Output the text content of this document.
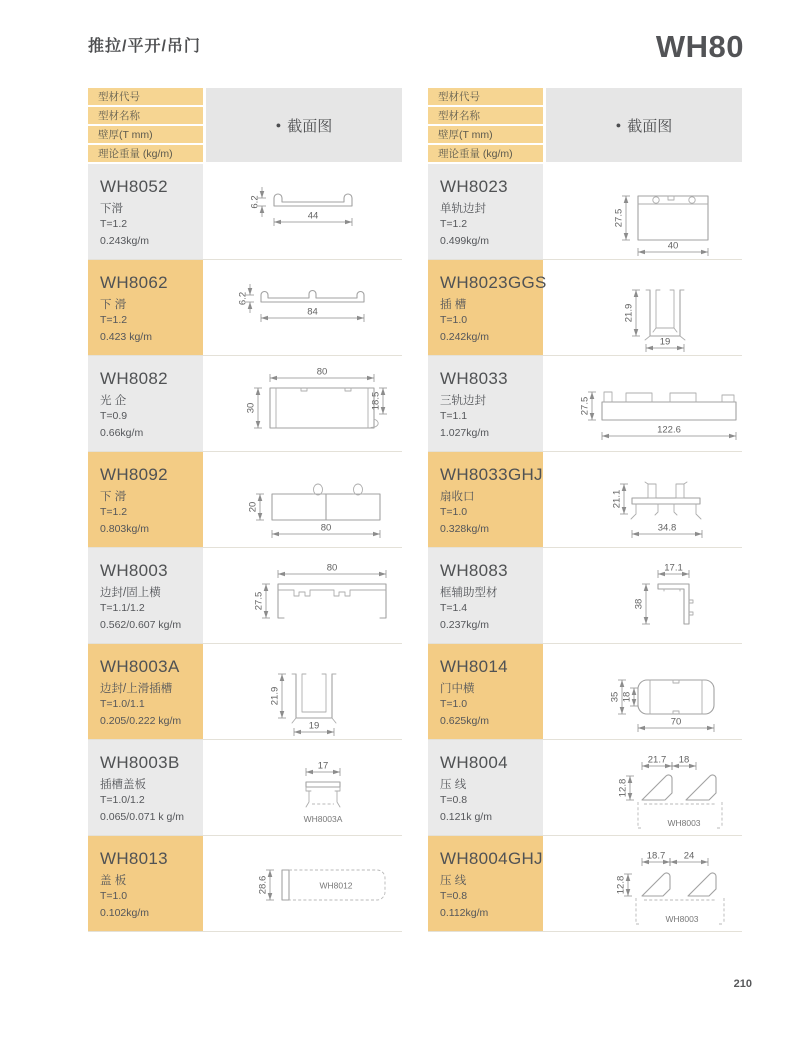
推拉/平开/吊门	WH80
型材代号
型材名称
壁厚(T mm)
理论重量 (kg/m)
● 截面图
WH8052
下滑
T=1.2
0.243kg/m
6.2
44
WH8062
下 滑
T=1.2
0.423 kg/m
6.2
84
WH8082
光 企
T=0.9
0.66kg/m
80
30	18.5
WH8092
下 滑
T=1.2
0.803kg/m
20
80
WH8003
边封/固上横
T=1.1/1.2
0.562/0.607 kg/m
80
27.5
WH8003A
边封/上滑插槽
T=1.0/1.1
0.205/0.222 kg/m
21.9
19
WH8003B
插槽盖板
T=1.0/1.2
0.065/0.071 k g/m	WH8003A
17
WH8013
盖 板
T=1.0
0.102kg/m
WH8012
28.6
型材代号
型材名称
壁厚(T mm)
理论重量 (kg/m)
● 截面图
WH8023
单轨边封
T=1.2
0.499kg/m
27.5
40
WH8023GGS
插 槽
T=1.0
0.242kg/m
21.9
19
WH8033
三轨边封
T=1.1
1.027kg/m
27.5
122.6
WH8033GHJ
扇收口
T=1.0
0.328kg/m
21.1
34.8
WH8083
框辅助型材
T=1.4
0.237kg/m
17.1
38
WH8014
门中横
T=1.0
0.625kg/m
35 18
70
WH8004
压 线
T=0.8
0.121k g/m
WH8003
21.7 18
12.8
WH8004GHJ
压 线
T=0.8
0.112kg/m
WH8003
18.7 24
12.8
210
